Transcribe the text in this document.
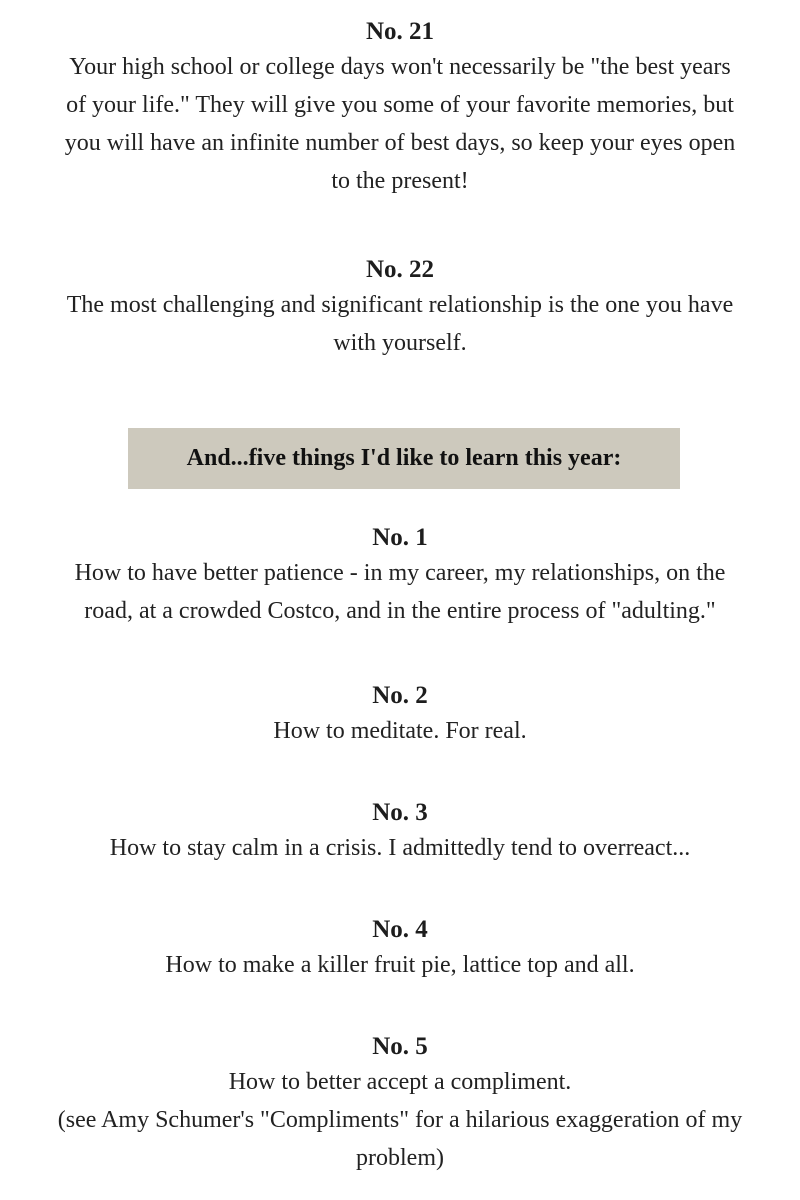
No. 21
Your high school or college days won't necessarily be "the best years
of your life." They will give you some of your favorite memories, but
you will have an infinite number of best days, so keep your eyes open
to the present!
No. 22
The most challenging and significant relationship is the one you have
with yourself.
And...five things I'd like to learn this year:
No. 1
How to have better patience - in my career, my relationships, on the
road, at a crowded Costco, and in the entire process of "adulting."
No. 2
How to meditate. For real.
No. 3
How to stay calm in a crisis. I admittedly tend to overreact...
No. 4
How to make a killer fruit pie, lattice top and all.
No. 5
How to better accept a compliment.
(see Amy Schumer's "Compliments" for a hilarious exaggeration of my
problem)
